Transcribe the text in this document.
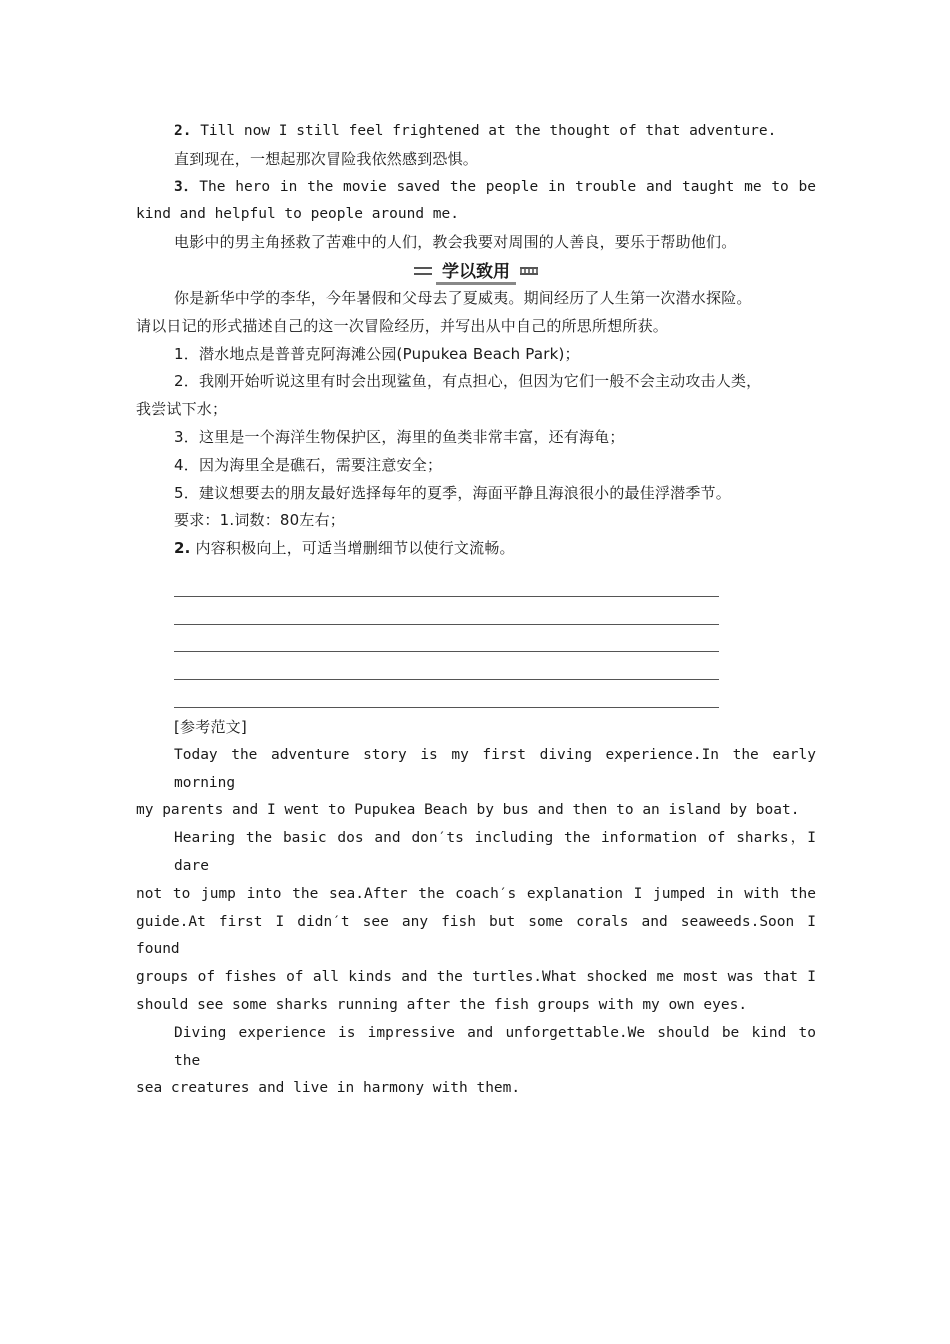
2. Till now I still feel frightened at the thought of that adventure.
直到现在，一想起那次冒险我依然感到恐惧。
3．The hero in the movie saved the people in trouble and taught me to be
kind and helpful to people around me.
电影中的男主角拯救了苦难中的人们，教会我要对周围的人善良，要乐于帮助他们。
学以致用
你是新华中学的李华，今年暑假和父母去了夏威夷。期间经历了人生第一次潜水探险。
请以日记的形式描述自己的这一次冒险经历，并写出从中自己的所思所想所获。
1．潜水地点是普普克阿海滩公园(Pupukea Beach Park)；
2．我刚开始听说这里有时会出现鲨鱼，有点担心，但因为它们一般不会主动攻击人类，
我尝试下水；
3．这里是一个海洋生物保护区，海里的鱼类非常丰富，还有海龟；
4．因为海里全是礁石，需要注意安全；
5．建议想要去的朋友最好选择每年的夏季，海面平静且海浪很小的最佳浮潜季节。
要求：1.词数：80左右；
2. 内容积极向上，可适当增删细节以使行文流畅。
[参考范文]
Today the adventure story is my first diving experience.In the early morning
my parents and I went to Pupukea Beach by bus and then to an island by boat.
Hearing the basic dos and don′ts including the information of sharks，I dare
not to jump into the sea.After the coach′s explanation I jumped in with the
guide.At first I didn′t see any fish but some corals and seaweeds.Soon I found
groups of fishes of all kinds and the turtles.What shocked me most was that I
should see some sharks running after the fish groups with my own eyes.
Diving experience is impressive and unforgettable.We should be kind to the
sea creatures and live in harmony with them.
